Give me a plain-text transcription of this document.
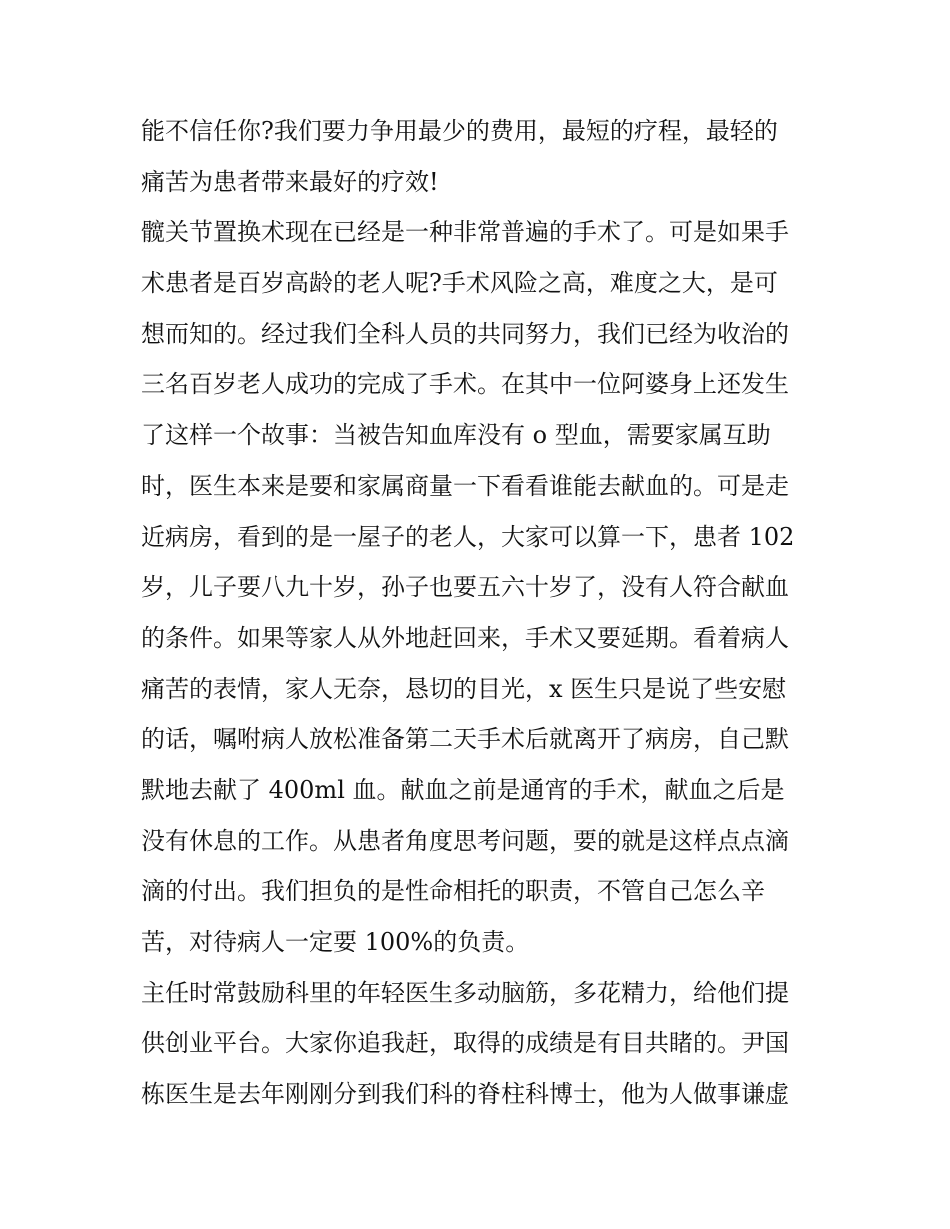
能不信任你?我们要力争用最少的费用，最短的疗程，最轻的
痛苦为患者带来最好的疗效!
髋关节置换术现在已经是一种非常普遍的手术了。可是如果手
术患者是百岁高龄的老人呢?手术风险之高，难度之大，是可
想而知的。经过我们全科人员的共同努力，我们已经为收治的
三名百岁老人成功的完成了手术。在其中一位阿婆身上还发生
了这样一个故事：当被告知血库没有 o 型血，需要家属互助
时，医生本来是要和家属商量一下看看谁能去献血的。可是走
近病房，看到的是一屋子的老人，大家可以算一下，患者 102
岁，儿子要八九十岁，孙子也要五六十岁了，没有人符合献血
的条件。如果等家人从外地赶回来，手术又要延期。看着病人
痛苦的表情，家人无奈，恳切的目光，x 医生只是说了些安慰
的话，嘱咐病人放松准备第二天手术后就离开了病房，自己默
默地去献了 400ml 血。献血之前是通宵的手术，献血之后是
没有休息的工作。从患者角度思考问题，要的就是这样点点滴
滴的付出。我们担负的是性命相托的职责，不管自己怎么辛
苦，对待病人一定要 100%的负责。
主任时常鼓励科里的年轻医生多动脑筋，多花精力，给他们提
供创业平台。大家你追我赶，取得的成绩是有目共睹的。尹国
栋医生是去年刚刚分到我们科的脊柱科博士，他为人做事谦虚
